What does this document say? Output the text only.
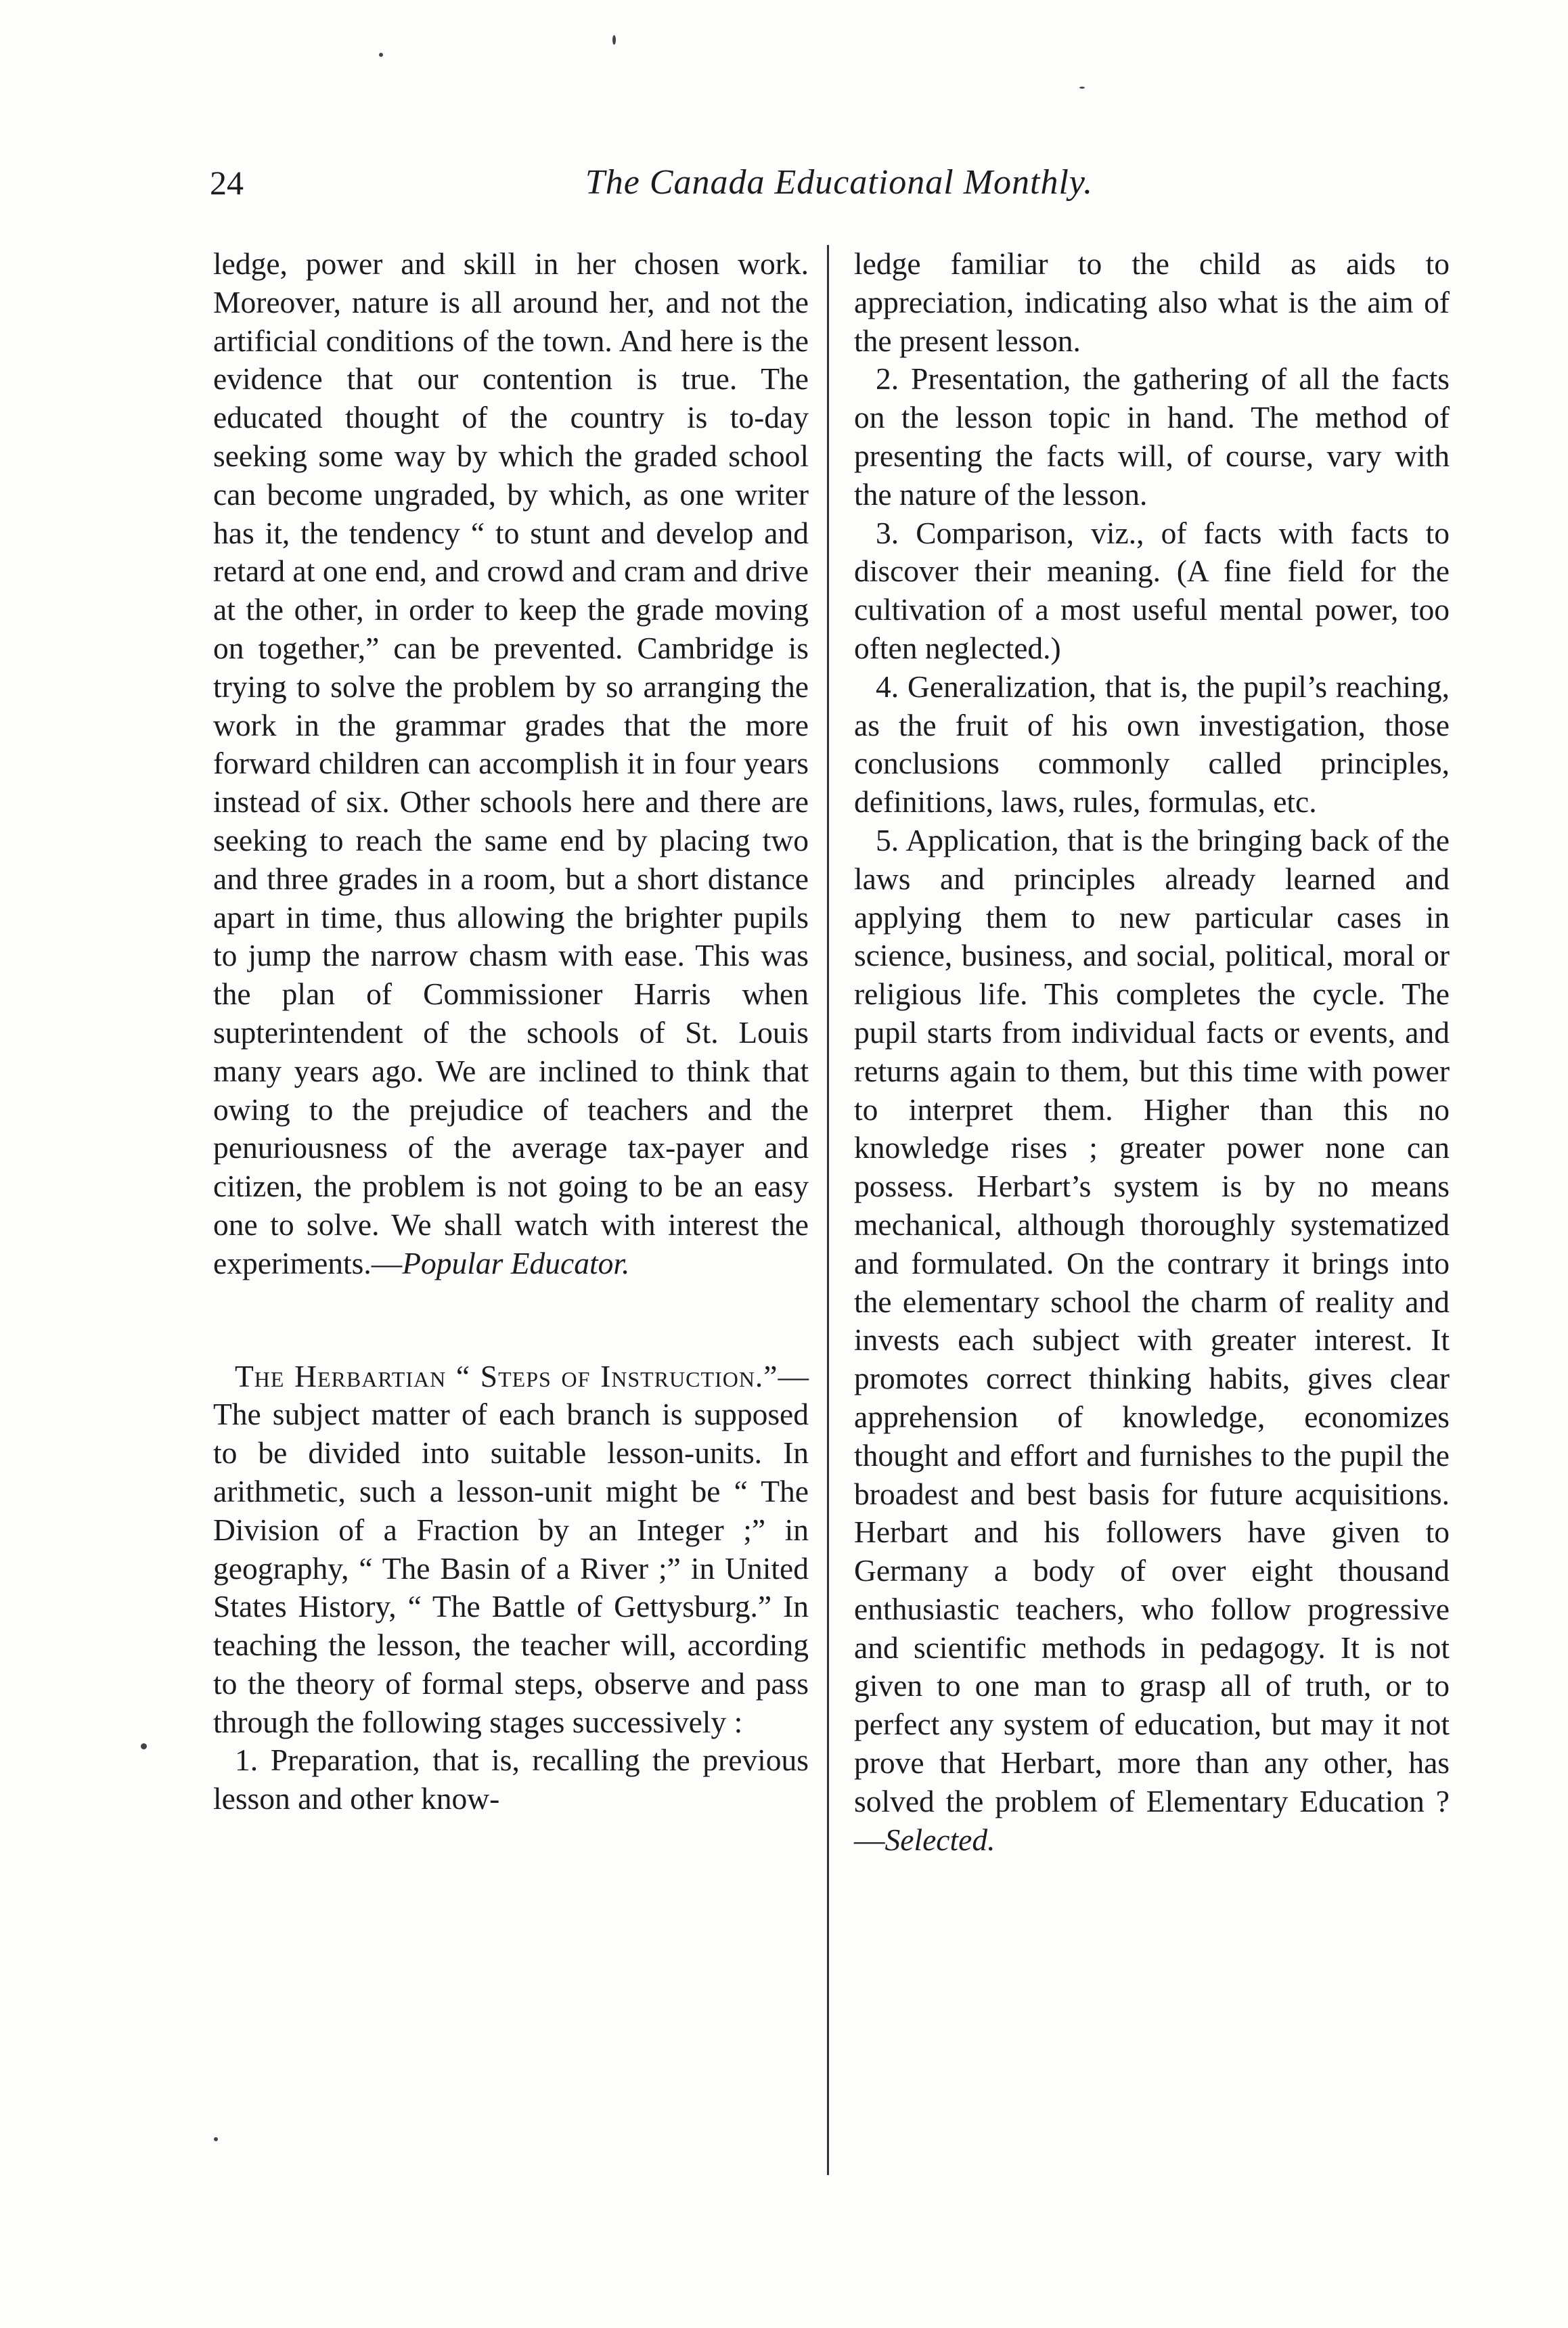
24	The Canada Educational Monthly.

ledge, power and skill in her chosen work. Moreover, nature is all around her, and not the artificial conditions of the town. And here is the evidence that our contention is true. The educated thought of the country is to-day seeking some way by which the graded school can become ungraded, by which, as one writer has it, the tendency “ to stunt and develop and retard at one end, and crowd and cram and drive at the other, in order to keep the grade moving on together,” can be prevented. Cambridge is trying to solve the problem by so arranging the work in the grammar grades that the more forward children can accomplish it in four years instead of six. Other schools here and there are seeking to reach the same end by placing two and three grades in a room, but a short distance apart in time, thus allowing the brighter pupils to jump the narrow chasm with ease. This was the plan of Commissioner Harris when supterintendent of the schools of St. Louis many years ago. We are inclined to think that owing to the prejudice of teachers and the penuriousness of the average tax-payer and citizen, the problem is not going to be an easy one to solve. We shall watch with interest the experiments.—Popular Educator.

The Herbartian “ Steps of Instruction.”—The subject matter of each branch is supposed to be divided into suitable lesson-units. In arithmetic, such a lesson-unit might be “ The Division of a Fraction by an Integer ;” in geography, “ The Basin of a River ;” in United States History, “ The Battle of Gettysburg.” In teaching the lesson, the teacher will, according to the theory of formal steps, observe and pass through the following stages successively :

1. Preparation, that is, recalling the previous lesson and other know-

ledge familiar to the child as aids to appreciation, indicating also what is the aim of the present lesson.

2. Presentation, the gathering of all the facts on the lesson topic in hand. The method of presenting the facts will, of course, vary with the nature of the lesson.

3. Comparison, viz., of facts with facts to discover their meaning. (A fine field for the cultivation of a most useful mental power, too often neglected.)

4. Generalization, that is, the pupil’s reaching, as the fruit of his own investigation, those conclusions commonly called principles, definitions, laws, rules, formulas, etc.

5. Application, that is the bringing back of the laws and principles already learned and applying them to new particular cases in science, business, and social, political, moral or religious life. This completes the cycle. The pupil starts from individual facts or events, and returns again to them, but this time with power to interpret them. Higher than this no knowledge rises ; greater power none can possess. Herbart’s system is by no means mechanical, although thoroughly systematized and formulated. On the contrary it brings into the elementary school the charm of reality and invests each subject with greater interest. It promotes correct thinking habits, gives clear apprehension of knowledge, economizes thought and effort and furnishes to the pupil the broadest and best basis for future acquisitions. Herbart and his followers have given to Germany a body of over eight thousand enthusiastic teachers, who follow progressive and scientific methods in pedagogy. It is not given to one man to grasp all of truth, or to perfect any system of education, but may it not prove that Herbart, more than any other, has solved the problem of Elementary Education ?—Selected.
